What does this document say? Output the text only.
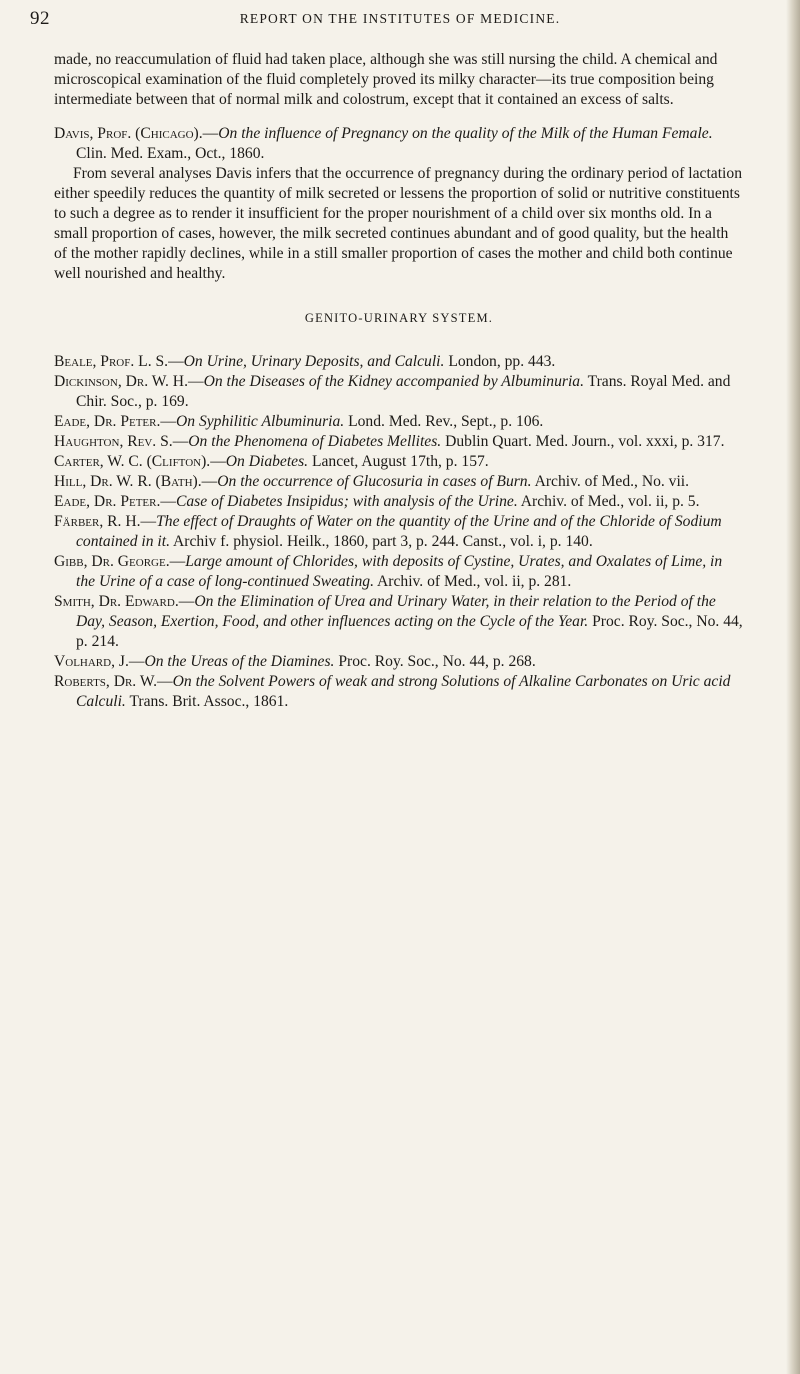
92	REPORT ON THE INSTITUTES OF MEDICINE.

made, no reaccumulation of fluid had taken place, although she was still nursing the child. A chemical and microscopical examination of the fluid completely proved its milky character—its true composition being intermediate between that of normal milk and colostrum, except that it contained an excess of salts.

Davis, Prof. (Chicago).—On the influence of Pregnancy on the quality of the Milk of the Human Female. Clin. Med. Exam., Oct., 1860.

From several analyses Davis infers that the occurrence of pregnancy during the ordinary period of lactation either speedily reduces the quantity of milk secreted or lessens the proportion of solid or nutritive constituents to such a degree as to render it insufficient for the proper nourishment of a child over six months old. In a small proportion of cases, however, the milk secreted continues abundant and of good quality, but the health of the mother rapidly declines, while in a still smaller proportion of cases the mother and child both continue well nourished and healthy.

GENITO-URINARY SYSTEM.

Beale, Prof. L. S.—On Urine, Urinary Deposits, and Calculi. London, pp. 443.

Dickinson, Dr. W. H.—On the Diseases of the Kidney accompanied by Albuminuria. Trans. Royal Med. and Chir. Soc., p. 169.

Eade, Dr. Peter.—On Syphilitic Albuminuria. Lond. Med. Rev., Sept., p. 106.

Haughton, Rev. S.—On the Phenomena of Diabetes Mellites. Dublin Quart. Med. Journ., vol. xxxi, p. 317.

Carter, W. C. (Clifton).—On Diabetes. Lancet, August 17th, p. 157.

Hill, Dr. W. R. (Bath).—On the occurrence of Glucosuria in cases of Burn. Archiv. of Med., No. vii.

Eade, Dr. Peter.—Case of Diabetes Insipidus; with analysis of the Urine. Archiv. of Med., vol. ii, p. 5.

Färber, R. H.—The effect of Draughts of Water on the quantity of the Urine and of the Chloride of Sodium contained in it. Archiv f. physiol. Heilk., 1860, part 3, p. 244. Canst., vol. i, p. 140.

Gibb, Dr. George.—Large amount of Chlorides, with deposits of Cystine, Urates, and Oxalates of Lime, in the Urine of a case of long-continued Sweating. Archiv. of Med., vol. ii, p. 281.

Smith, Dr. Edward.—On the Elimination of Urea and Urinary Water, in their relation to the Period of the Day, Season, Exertion, Food, and other influences acting on the Cycle of the Year. Proc. Roy. Soc., No. 44, p. 214.

Volhard, J.—On the Ureas of the Diamines. Proc. Roy. Soc., No. 44, p. 268.

Roberts, Dr. W.—On the Solvent Powers of weak and strong Solutions of Alkaline Carbonates on Uric acid Calculi. Trans. Brit. Assoc., 1861.
